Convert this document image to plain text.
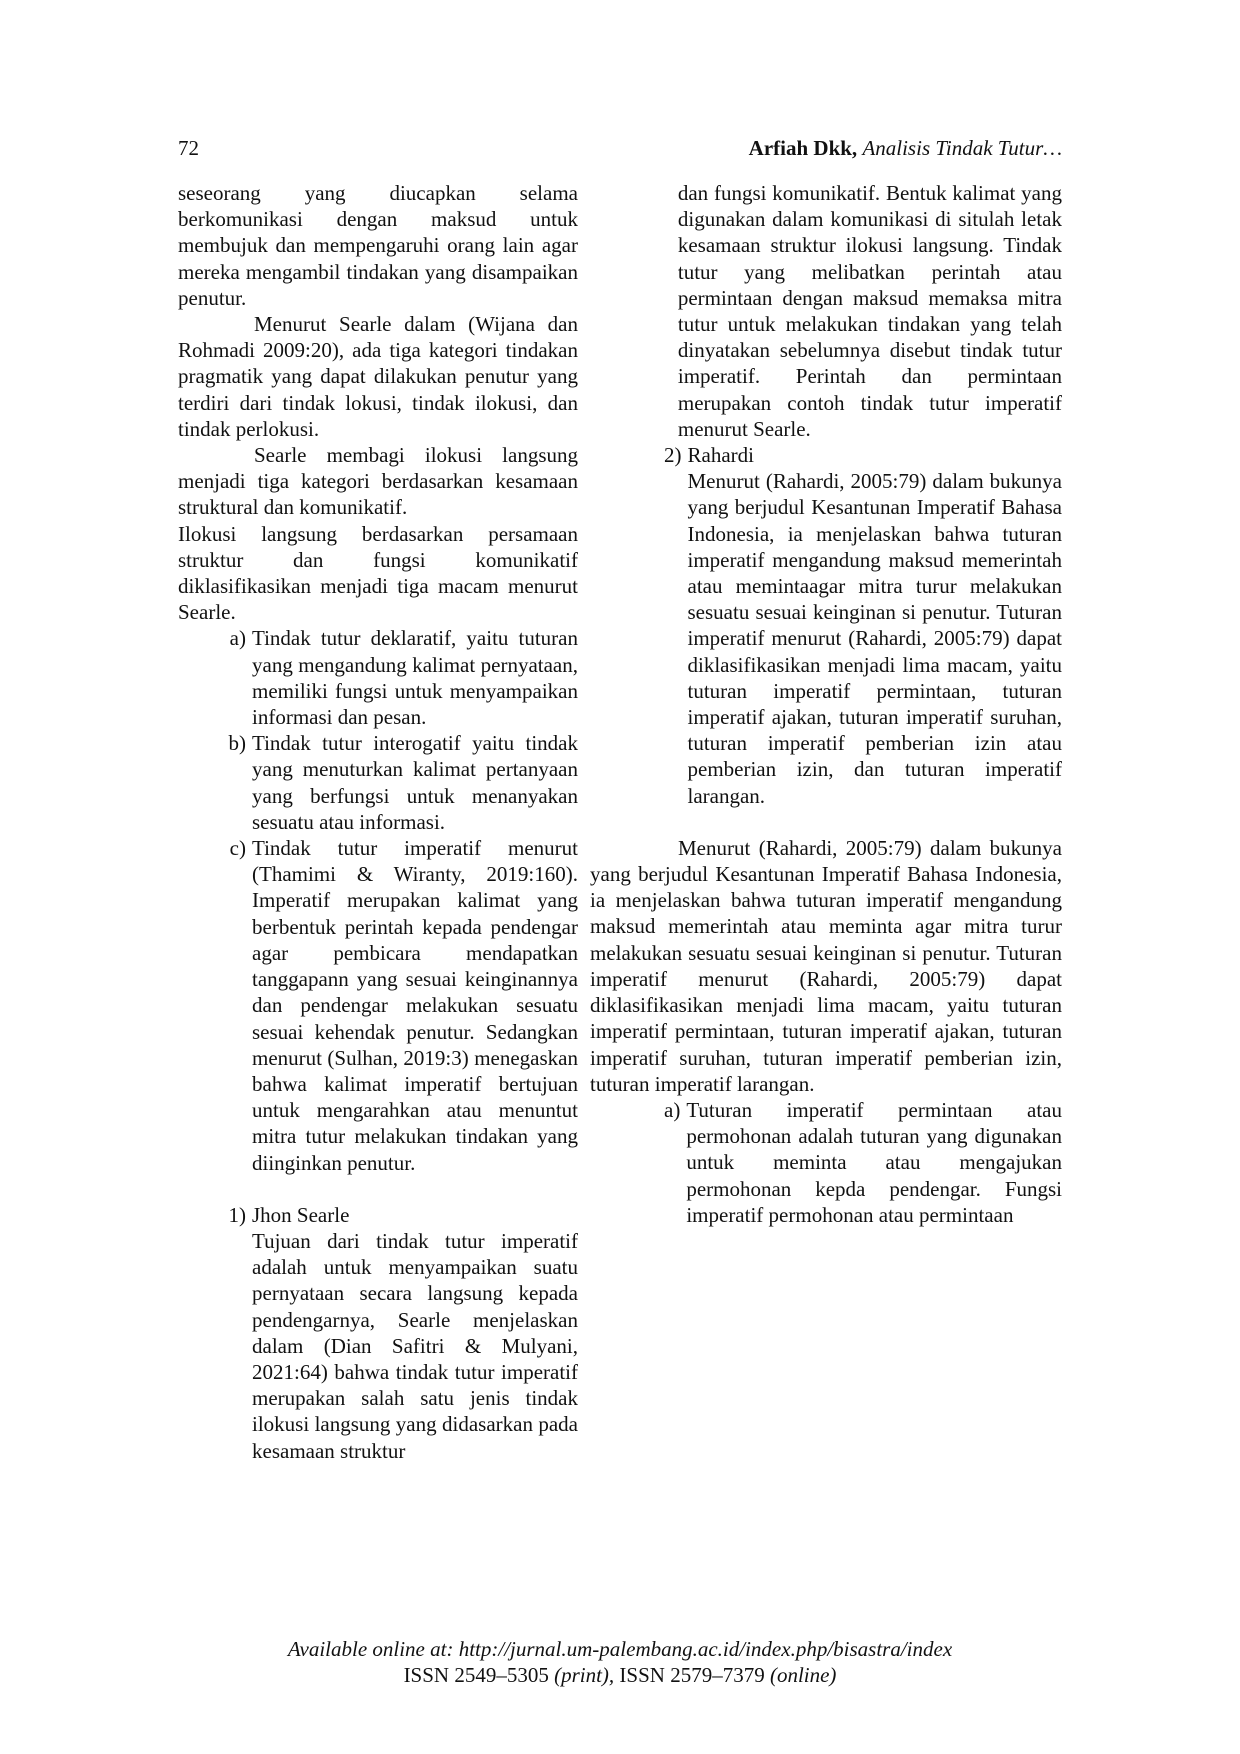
72	Arfiah Dkk, Analisis Tindak Tutur…

seseorang yang diucapkan selama berkomunikasi dengan maksud untuk membujuk dan mempengaruhi orang lain agar mereka mengambil tindakan yang disampaikan penutur.

Menurut Searle dalam (Wijana dan Rohmadi 2009:20), ada tiga kategori tindakan pragmatik yang dapat dilakukan penutur yang terdiri dari tindak lokusi, tindak ilokusi, dan tindak perlokusi.

Searle membagi ilokusi langsung menjadi tiga kategori berdasarkan kesamaan struktural dan komunikatif.

Ilokusi langsung berdasarkan persamaan struktur dan fungsi komunikatif diklasifikasikan menjadi tiga macam menurut Searle.

a) Tindak tutur deklaratif, yaitu tuturan yang mengandung kalimat pernyataan, memiliki fungsi untuk menyampaikan informasi dan pesan.
b) Tindak tutur interogatif yaitu tindak yang menuturkan kalimat pertanyaan yang berfungsi untuk menanyakan sesuatu atau informasi.
c) Tindak tutur imperatif menurut (Thamimi & Wiranty, 2019:160). Imperatif merupakan kalimat yang berbentuk perintah kepada pendengar agar pembicara mendapatkan tanggapann yang sesuai keinginannya dan pendengar melakukan sesuatu sesuai kehendak penutur. Sedangkan menurut (Sulhan, 2019:3) menegaskan bahwa kalimat imperatif bertujuan untuk mengarahkan atau menuntut mitra tutur melakukan tindakan yang diinginkan penutur.
1) Jhon Searle

Tujuan dari tindak tutur imperatif adalah untuk menyampaikan suatu pernyataan secara langsung kepada pendengarnya, Searle menjelaskan dalam (Dian Safitri & Mulyani, 2021:64) bahwa tindak tutur imperatif merupakan salah satu jenis tindak ilokusi langsung yang didasarkan pada kesamaan struktur

dan fungsi komunikatif. Bentuk kalimat yang digunakan dalam komunikasi di situlah letak kesamaan struktur ilokusi langsung. Tindak tutur yang melibatkan perintah atau permintaan dengan maksud memaksa mitra tutur untuk melakukan tindakan yang telah dinyatakan sebelumnya disebut tindak tutur imperatif. Perintah dan permintaan merupakan contoh tindak tutur imperatif menurut Searle.

2) Rahardi

Menurut (Rahardi, 2005:79) dalam bukunya yang berjudul Kesantunan Imperatif Bahasa Indonesia, ia menjelaskan bahwa tuturan imperatif mengandung maksud memerintah atau memintaagar mitra turur melakukan sesuatu sesuai keinginan si penutur. Tuturan imperatif menurut (Rahardi, 2005:79) dapat diklasifikasikan menjadi lima macam, yaitu tuturan imperatif permintaan, tuturan imperatif ajakan, tuturan imperatif suruhan, tuturan imperatif pemberian izin atau pemberian izin, dan tuturan imperatif larangan.

Menurut (Rahardi, 2005:79) dalam bukunya yang berjudul Kesantunan Imperatif Bahasa Indonesia, ia menjelaskan bahwa tuturan imperatif mengandung maksud memerintah atau meminta agar mitra turur melakukan sesuatu sesuai keinginan si penutur. Tuturan imperatif menurut (Rahardi, 2005:79) dapat diklasifikasikan menjadi lima macam, yaitu tuturan imperatif permintaan, tuturan imperatif ajakan, tuturan imperatif suruhan, tuturan imperatif pemberian izin, tuturan imperatif larangan.

a) Tuturan imperatif permintaan atau permohonan adalah tuturan yang digunakan untuk meminta atau mengajukan permohonan kepda pendengar. Fungsi imperatif permohonan atau permintaan

Available online at: http://jurnal.um-palembang.ac.id/index.php/bisastra/index
ISSN 2549–5305 (print), ISSN 2579–7379 (online)
